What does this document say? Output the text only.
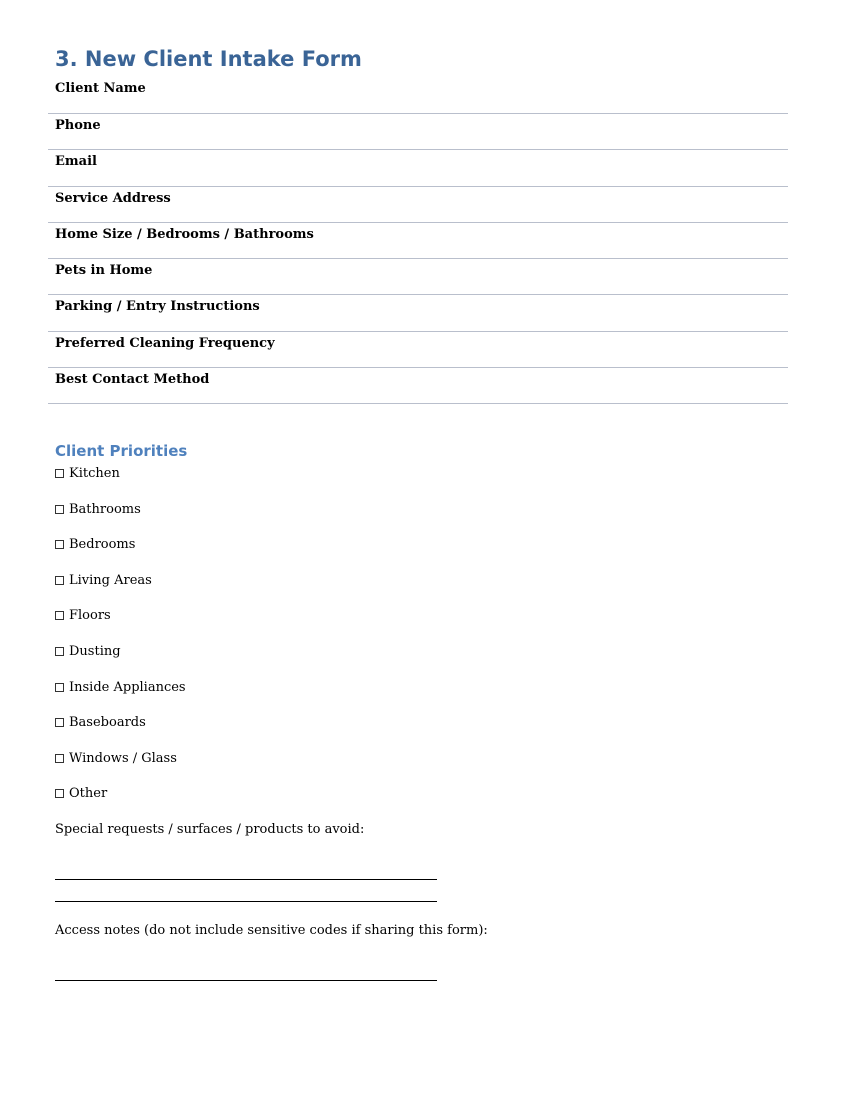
3. New Client Intake Form
Client Name
Phone
Email
Service Address
Home Size / Bedrooms / Bathrooms
Pets in Home
Parking / Entry Instructions
Preferred Cleaning Frequency
Best Contact Method
Client Priorities
Kitchen
Bathrooms
Bedrooms
Living Areas
Floors
Dusting
Inside Appliances
Baseboards
Windows / Glass
Other
Special requests / surfaces / products to avoid:
Access notes (do not include sensitive codes if sharing this form):
